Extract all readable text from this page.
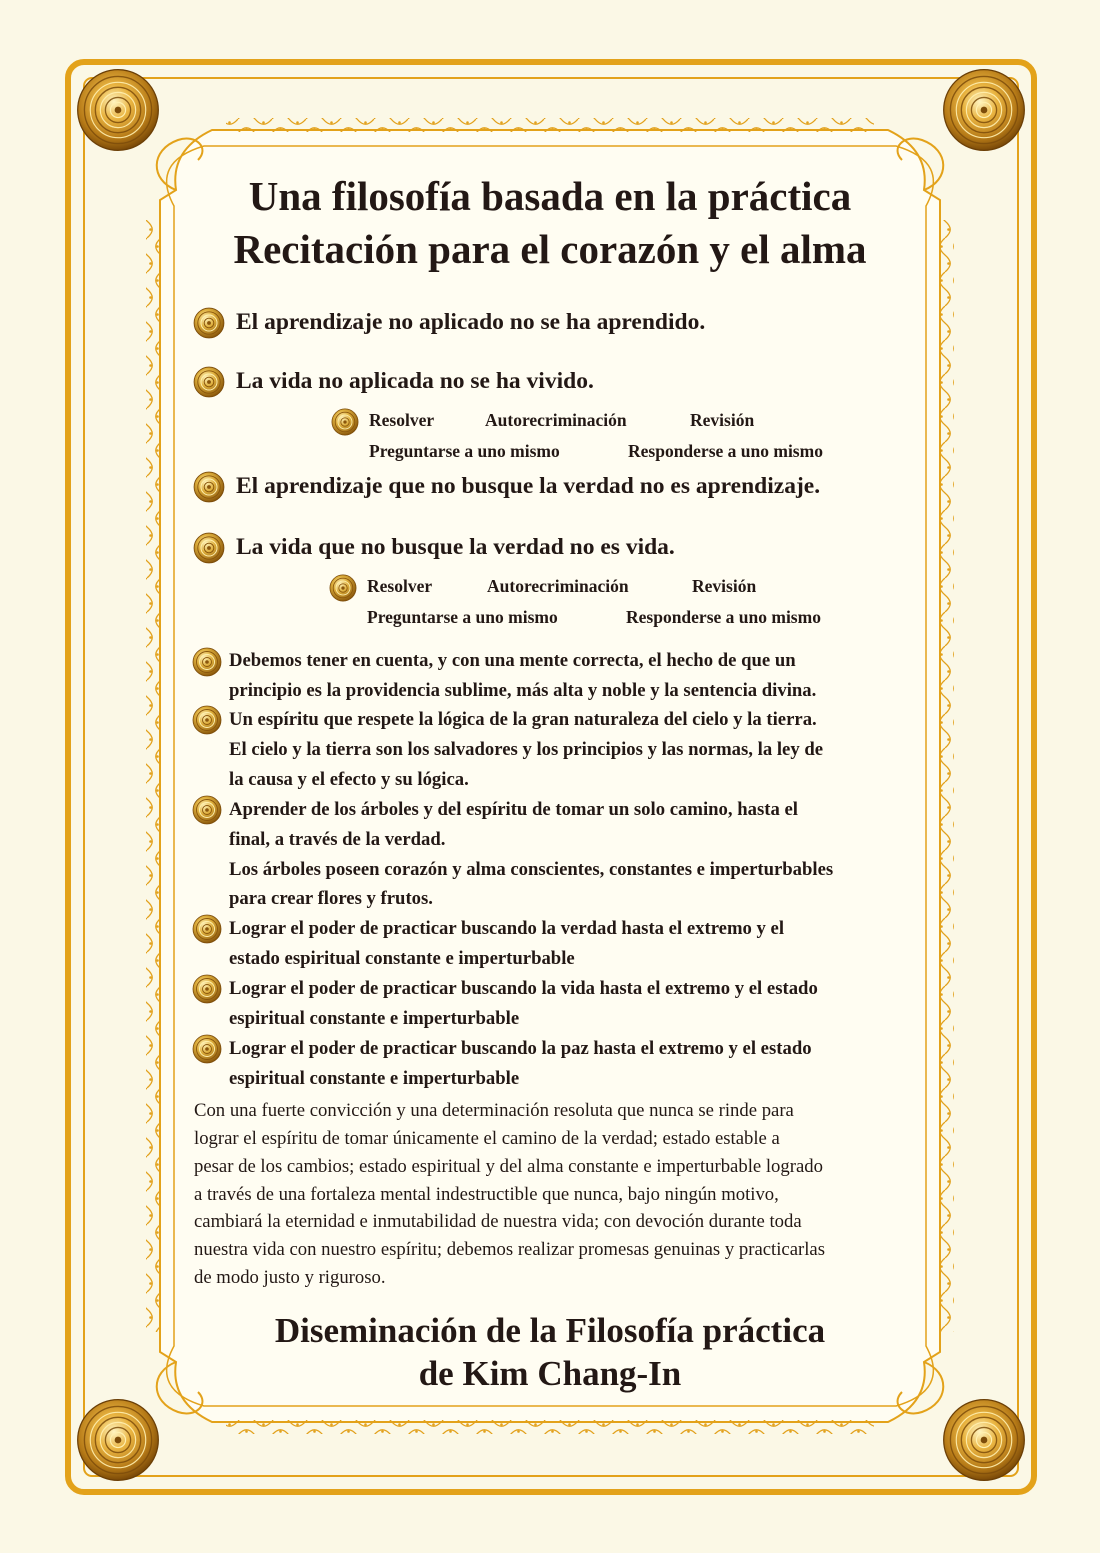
Una filosofía basada en la práctica
Recitación para el corazón y el alma
El aprendizaje no aplicado no se ha aprendido.
La vida no aplicada no se ha vivido.
Resolver	Autorecriminación	Revisión
Preguntarse a uno mismo	Responderse a uno mismo
El aprendizaje que no busque la verdad no es aprendizaje.
La vida que no busque la verdad no es vida.
Resolver	Autorecriminación	Revisión
Preguntarse a uno mismo	Responderse a uno mismo
Debemos tener en cuenta, y con una mente correcta, el hecho de que un
principio es la providencia sublime, más alta y noble y la sentencia divina.
Un espíritu que respete la lógica de la gran naturaleza del cielo y la tierra.
El cielo y la tierra son los salvadores y los principios y las normas, la ley de
la causa y el efecto y su lógica.
Aprender de los árboles y del espíritu de tomar un solo camino, hasta el
final, a través de la verdad.
Los árboles poseen corazón y alma conscientes, constantes e imperturbables
para crear flores y frutos.
Lograr el poder de practicar buscando la verdad hasta el extremo y el
estado espiritual constante e imperturbable
Lograr el poder de practicar buscando la vida hasta el extremo y el estado
espiritual constante e imperturbable
Lograr el poder de practicar buscando la paz hasta el extremo y el estado
espiritual constante e imperturbable
Con una fuerte convicción y una determinación resoluta que nunca se rinde para
lograr el espíritu de tomar únicamente el camino de la verdad; estado estable a
pesar de los cambios; estado espiritual y del alma constante e imperturbable logrado
a través de una fortaleza mental indestructible que nunca, bajo ningún motivo,
cambiará la eternidad e inmutabilidad de nuestra vida; con devoción durante toda
nuestra vida con nuestro espíritu; debemos realizar promesas genuinas y practicarlas
de modo justo y riguroso.
Diseminación de la Filosofía práctica
de Kim Chang-In
